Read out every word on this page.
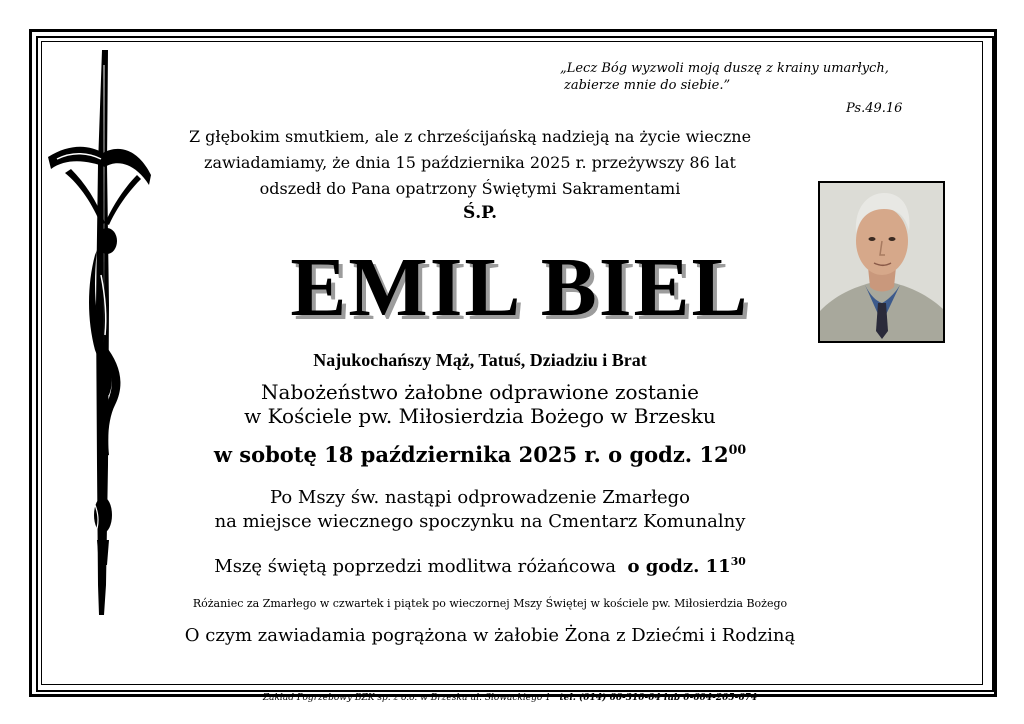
„Lecz Bóg wyzwoli moją duszę z krainy umarłych,
zabierze mnie do siebie.”
Ps.49.16
Z głębokim smutkiem, ale z chrześcijańską nadzieją na życie wieczne
zawiadamiamy, że dnia 15 października 2025 r. przeżywszy 86 lat
odszedł do Pana opatrzony Świętymi Sakramentami
Ś.P.
EMIL BIEL
Najukochańszy Mąż, Tatuś, Dziadziu i Brat
Nabożeństwo żałobne odprawione zostanie
w Kościele pw. Miłosierdzia Bożego w Brzesku
w sobotę 18 października 2025 r. o godz. $12^{00}$
Po Mszy św. nastąpi odprowadzenie Zmarłego
na miejsce wiecznego spoczynku na Cmentarz Komunalny
Mszę świętą poprzedzi modlitwa różańcowa o godz. $11^{30}$
Różaniec za Zmarłego w czwartek i piątek po wieczornej Mszy Świętej w kościele pw. Miłosierdzia Bożego
O czym zawiadamia pogrążona w żałobie Żona z Dziećmi i Rodziną
Zakład Pogrzebowy BZK sp. z o.o. w Brzesku ul. Słowackiego 1 tel. (014) 66-310-04 lub 0-604-205-674
